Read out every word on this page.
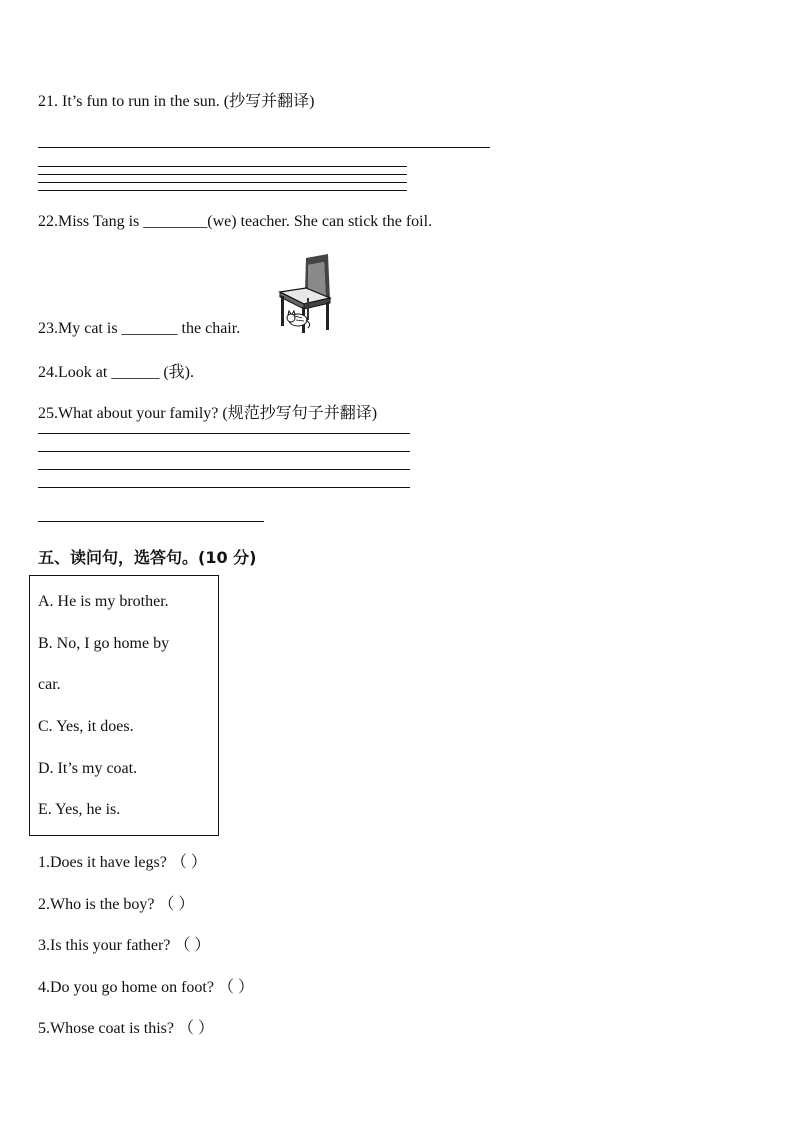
21. It’s fun to run in the sun. (抄写并翻译)
22.Miss Tang is ________(we) teacher. She can stick the foil.
23.My cat is _______ the chair.
24.Look at ______ (我).
25.What about your family? (规范抄写句子并翻译)
五、读问句，选答句。(10 分)
A. He is my brother.
B. No, I go home by
car.
C. Yes, it does.
D. It’s my coat.
E. Yes, he is.
1.Does it have legs? （ ）
2.Who is the boy? （ ）
3.Is this your father? （ ）
4.Do you go home on foot? （ ）
5.Whose coat is this? （ ）
